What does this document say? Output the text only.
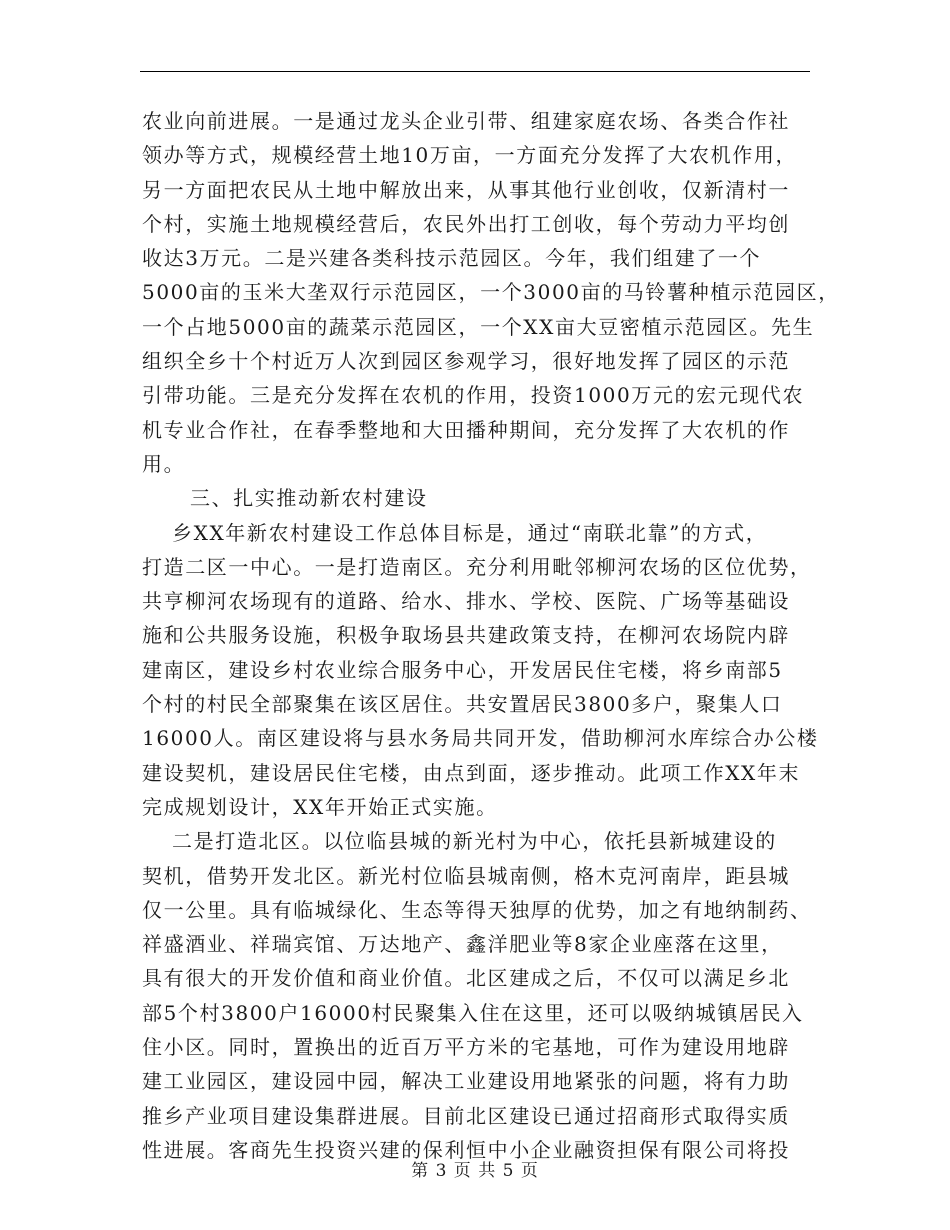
农业向前进展。一是通过龙头企业引带、组建家庭农场、各类合作社
领办等方式，规模经营土地10万亩，一方面充分发挥了大农机作用，
另一方面把农民从土地中解放出来，从事其他行业创收，仅新清村一
个村，实施土地规模经营后，农民外出打工创收，每个劳动力平均创
收达3万元。二是兴建各类科技示范园区。今年，我们组建了一个
5000亩的玉米大垄双行示范园区，一个3000亩的马铃薯种植示范园区，
一个占地5000亩的蔬菜示范园区，一个XX亩大豆密植示范园区。先生
组织全乡十个村近万人次到园区参观学习，很好地发挥了园区的示范
引带功能。三是充分发挥在农机的作用，投资1000万元的宏元现代农
机专业合作社，在春季整地和大田播种期间，充分发挥了大农机的作
用。
三、扎实推动新农村建设
乡XX年新农村建设工作总体目标是，通过“南联北靠”的方式，
打造二区一中心。一是打造南区。充分利用毗邻柳河农场的区位优势，
共亨柳河农场现有的道路、给水、排水、学校、医院、广场等基础设
施和公共服务设施，积极争取场县共建政策支持，在柳河农场院内辟
建南区，建设乡村农业综合服务中心，开发居民住宅楼，将乡南部5
个村的村民全部聚集在该区居住。共安置居民3800多户，聚集人口
16000人。南区建设将与县水务局共同开发，借助柳河水库综合办公楼
建设契机，建设居民住宅楼，由点到面，逐步推动。此项工作XX年末
完成规划设计，XX年开始正式实施。
二是打造北区。以位临县城的新光村为中心，依托县新城建设的
契机，借势开发北区。新光村位临县城南侧，格木克河南岸，距县城
仅一公里。具有临城绿化、生态等得天独厚的优势，加之有地纳制药、
祥盛酒业、祥瑞宾馆、万达地产、鑫洋肥业等8家企业座落在这里，
具有很大的开发价值和商业价值。北区建成之后，不仅可以满足乡北
部5个村3800户16000村民聚集入住在这里，还可以吸纳城镇居民入
住小区。同时，置换出的近百万平方米的宅基地，可作为建设用地辟
建工业园区，建设园中园，解决工业建设用地紧张的问题，将有力助
推乡产业项目建设集群进展。目前北区建设已通过招商形式取得实质
性进展。客商先生投资兴建的保利恒中小企业融资担保有限公司将投
第 3 页 共 5 页
